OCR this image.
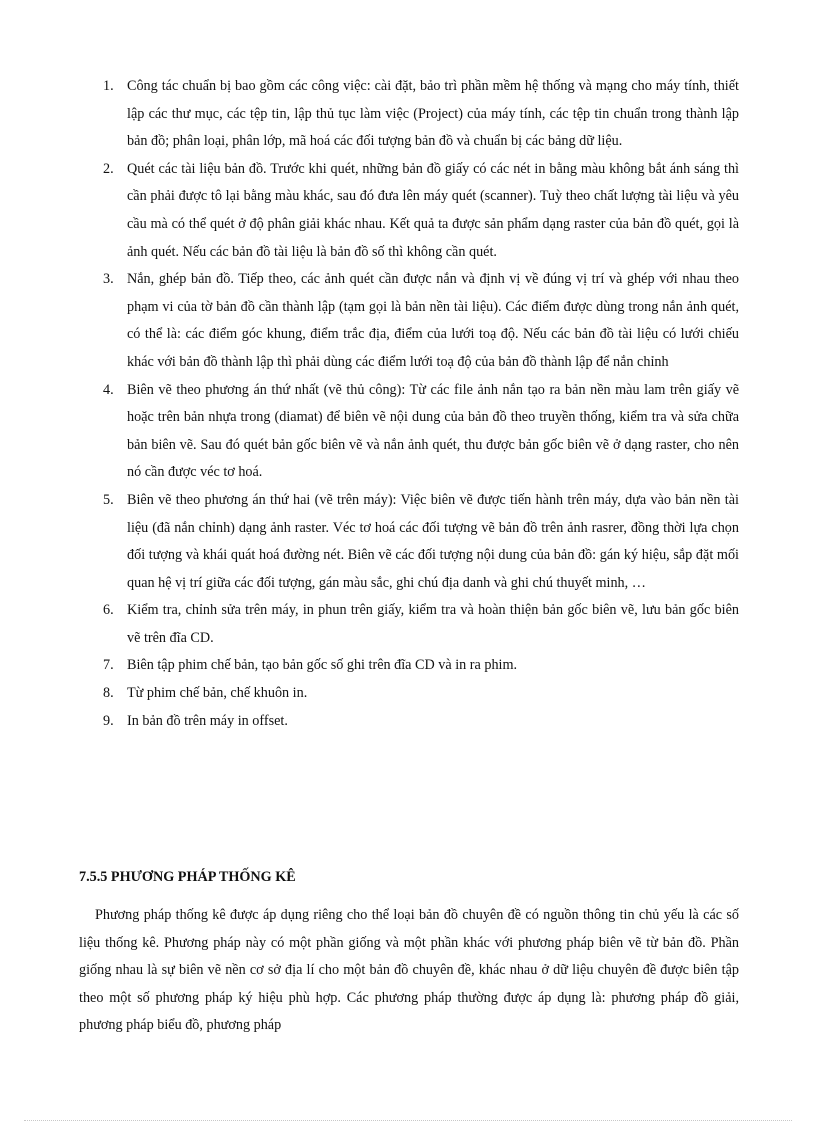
1. Công tác chuẩn bị bao gồm các công việc: cài đặt, bảo trì phần mềm hệ thống và mạng cho máy tính, thiết lập các thư mục, các tệp tin, lập thủ tục làm việc (Project) của máy tính, các tệp tin chuẩn trong thành lập bản đồ; phân loại, phân lớp, mã hoá các đối tượng bản đồ và chuẩn bị các bảng dữ liệu.
2. Quét các tài liệu bản đồ. Trước khi quét, những bản đồ giấy có các nét in bằng màu không bắt ánh sáng thì cần phải được tô lại bằng màu khác, sau đó đưa lên máy quét (scanner). Tuỳ theo chất lượng tài liệu và yêu cầu mà có thể quét ở độ phân giải khác nhau. Kết quả ta được sản phẩm dạng raster của bản đồ quét, gọi là ảnh quét. Nếu các bản đồ tài liệu là bản đồ số thì không cần quét.
3. Nắn, ghép bản đồ. Tiếp theo, các ảnh quét cần được nắn và định vị về đúng vị trí và ghép với nhau theo phạm vi của tờ bản đồ cần thành lập (tạm gọi là bản nền tài liệu). Các điểm được dùng trong nắn ảnh quét, có thể là: các điểm góc khung, điểm trắc địa, điểm của lưới toạ độ. Nếu các bản đồ tài liệu có lưới chiếu khác với bản đồ thành lập thì phải dùng các điểm lưới toạ độ của bản đồ thành lập để nắn chỉnh
4. Biên vẽ theo phương án thứ nhất (vẽ thủ công): Từ các file ảnh nắn tạo ra bản nền màu lam trên giấy vẽ hoặc trên bản nhựa trong (diamat) để biên vẽ nội dung của bản đồ theo truyền thống, kiểm tra và sửa chữa bản biên vẽ. Sau đó quét bản gốc biên vẽ và nắn ảnh quét, thu được bản gốc biên vẽ ở dạng raster, cho nên nó cần được véc tơ hoá.
5. Biên vẽ theo phương án thứ hai (vẽ trên máy): Việc biên vẽ được tiến hành trên máy, dựa vào bản nền tài liệu (đã nắn chỉnh) dạng ảnh raster. Véc tơ hoá các đối tượng vẽ bản đồ trên ảnh rasrer, đồng thời lựa chọn đối tượng và khái quát hoá đường nét. Biên vẽ các đối tượng nội dung của bản đồ: gán ký hiệu, sắp đặt mối quan hệ vị trí giữa các đối tượng, gán màu sắc, ghi chú địa danh và ghi chú thuyết minh, …
6. Kiểm tra, chỉnh sửa trên máy, in phun trên giấy, kiểm tra và hoàn thiện bản gốc biên vẽ, lưu bản gốc biên vẽ trên đĩa CD.
7. Biên tập phim chế bản, tạo bản gốc số ghi trên đĩa CD và in ra phim.
8. Từ phim chế bản, chế khuôn in.
9. In bản đồ trên máy in offset.
7.5.5 PHƯƠNG PHÁP THỐNG KÊ

Phương pháp thống kê được áp dụng riêng cho thể loại bản đồ chuyên đề có nguồn thông tin chủ yếu là các số liệu thống kê. Phương pháp này có một phần giống và một phần khác với phương pháp biên vẽ từ bản đồ. Phần giống nhau là sự biên vẽ nền cơ sở địa lí cho một bản đồ chuyên đề, khác nhau ở dữ liệu chuyên đề được biên tập theo một số phương pháp ký hiệu phù hợp. Các phương pháp thường được áp dụng là: phương pháp đồ giải, phương pháp biểu đồ, phương pháp
